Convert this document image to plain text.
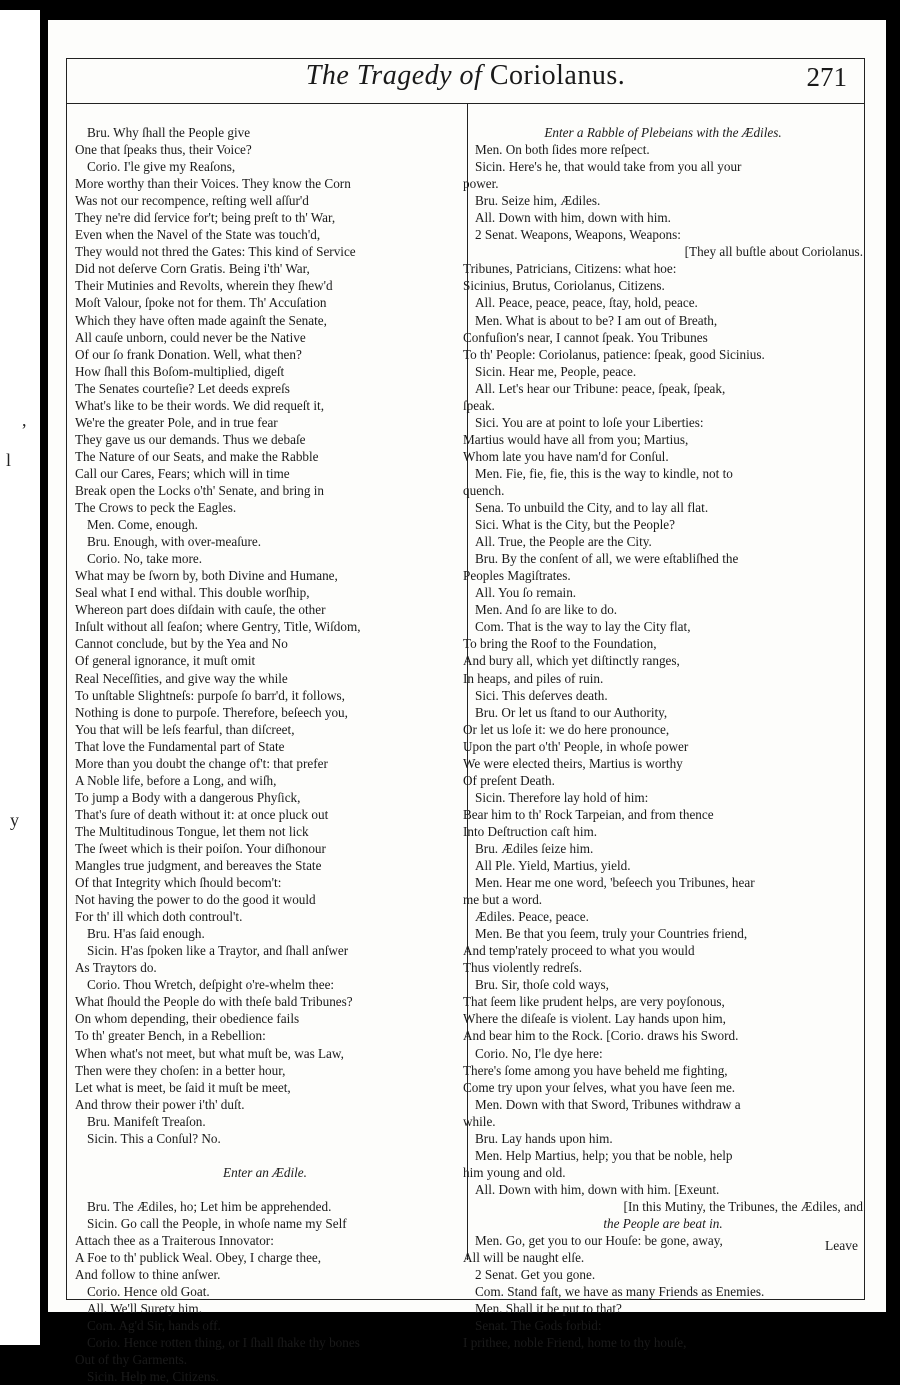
l
,
y
The Tragedy of Coriolanus.	271
Bru. Why ſhall the People give
One that ſpeaks thus, their Voice?
Corio. I'le give my Reaſons,
More worthy than their Voices. They know the Corn
Was not our recompence, reſting well aſſur'd
They ne're did ſervice for't; being preſt to th' War,
Even when the Navel of the State was touch'd,
They would not thred the Gates: This kind of Service
Did not deſerve Corn Gratis. Being i'th' War,
Their Mutinies and Revolts, wherein they ſhew'd
Moſt Valour, ſpoke not for them. Th' Accuſation
Which they have often made againſt the Senate,
All cauſe unborn, could never be the Native
Of our ſo frank Donation. Well, what then?
How ſhall this Boſom-multiplied, digeſt
The Senates courteſie? Let deeds expreſs
What's like to be their words. We did requeſt it,
We're the greater Pole, and in true fear
They gave us our demands. Thus we debaſe
The Nature of our Seats, and make the Rabble
Call our Cares, Fears; which will in time
Break open the Locks o'th' Senate, and bring in
The Crows to peck the Eagles.
Men. Come, enough.
Bru. Enough, with over-meaſure.
Corio. No, take more.
What may be ſworn by, both Divine and Humane,
Seal what I end withal. This double worſhip,
Whereon part does diſdain with cauſe, the other
Inſult without all ſeaſon; where Gentry, Title, Wiſdom,
Cannot conclude, but by the Yea and No
Of general ignorance, it muſt omit
Real Neceſſities, and give way the while
To unſtable Slightneſs: purpoſe ſo barr'd, it follows,
Nothing is done to purpoſe. Therefore, beſeech you,
You that will be leſs fearful, than diſcreet,
That love the Fundamental part of State
More than you doubt the change of't: that prefer
A Noble life, before a Long, and wiſh,
To jump a Body with a dangerous Phyſick,
That's ſure of death without it: at once pluck out
The Multitudinous Tongue, let them not lick
The ſweet which is their poiſon. Your diſhonour
Mangles true judgment, and bereaves the State
Of that Integrity which ſhould becom't:
Not having the power to do the good it would
For th' ill which doth controul't.
Bru. H'as ſaid enough.
Sicin. H'as ſpoken like a Traytor, and ſhall anſwer
As Traytors do.
Corio. Thou Wretch, deſpight o're-whelm thee:
What ſhould the People do with theſe bald Tribunes?
On whom depending, their obedience fails
To th' greater Bench, in a Rebellion:
When what's not meet, but what muſt be, was Law,
Then were they choſen: in a better hour,
Let what is meet, be ſaid it muſt be meet,
And throw their power i'th' duſt.
Bru. Manifeſt Treaſon.
Sicin. This a Conſul? No.
Enter an Ædile.
Bru. The Ædiles, ho; Let him be apprehended.
Sicin. Go call the People, in whoſe name my Self
Attach thee as a Traiterous Innovator:
A Foe to th' publick Weal. Obey, I charge thee,
And follow to thine anſwer.
Corio. Hence old Goat.
All. We'll Surety him.
Com. Ag'd Sir, hands off.
Corio. Hence rotten thing, or I ſhall ſhake thy bones
Out of thy Garments.
Sicin. Help me, Citizens.
Enter a Rabble of Plebeians with the Ædiles.
Men. On both ſides more reſpect.
Sicin. Here's he, that would take from you all your
power.
Bru. Seize him, Ædiles.
All. Down with him, down with him.
2 Senat. Weapons, Weapons, Weapons:
[They all buſtle about Coriolanus.
Tribunes, Patricians, Citizens: what hoe:
Sicinius, Brutus, Coriolanus, Citizens.
All. Peace, peace, peace, ſtay, hold, peace.
Men. What is about to be? I am out of Breath,
Confuſion's near, I cannot ſpeak. You Tribunes
To th' People: Coriolanus, patience: ſpeak, good Sicinius.
Sicin. Hear me, People, peace.
All. Let's hear our Tribune: peace, ſpeak, ſpeak,
ſpeak.
Sici. You are at point to loſe your Liberties:
Martius would have all from you; Martius,
Whom late you have nam'd for Conſul.
Men. Fie, fie, fie, this is the way to kindle, not to
quench.
Sena. To unbuild the City, and to lay all flat.
Sici. What is the City, but the People?
All. True, the People are the City.
Bru. By the conſent of all, we were eſtabliſhed the
Peoples Magiſtrates.
All. You ſo remain.
Men. And ſo are like to do.
Com. That is the way to lay the City flat,
To bring the Roof to the Foundation,
And bury all, which yet diſtinctly ranges,
In heaps, and piles of ruin.
Sici. This deſerves death.
Bru. Or let us ſtand to our Authority,
Or let us loſe it: we do here pronounce,
Upon the part o'th' People, in whoſe power
We were elected theirs, Martius is worthy
Of preſent Death.
Sicin. Therefore lay hold of him:
Bear him to th' Rock Tarpeian, and from thence
Into Deſtruction caſt him.
Bru. Ædiles ſeize him.
All Ple. Yield, Martius, yield.
Men. Hear me one word, 'beſeech you Tribunes, hear
me but a word.
Ædiles. Peace, peace.
Men. Be that you ſeem, truly your Countries friend,
And temp'rately proceed to what you would
Thus violently redreſs.
Bru. Sir, thoſe cold ways,
That ſeem like prudent helps, are very poyſonous,
Where the diſeaſe is violent. Lay hands upon him,
And bear him to the Rock. [Corio. draws his Sword.
Corio. No, I'le dye here:
There's ſome among you have beheld me fighting,
Come try upon your ſelves, what you have ſeen me.
Men. Down with that Sword, Tribunes withdraw a
while.
Bru. Lay hands upon him.
Men. Help Martius, help; you that be noble, help
him young and old.
All. Down with him, down with him. [Exeunt.
[In this Mutiny, the Tribunes, the Ædiles, and
the People are beat in.
Men. Go, get you to our Houſe: be gone, away,
All will be naught elſe.
2 Senat. Get you gone.
Com. Stand faſt, we have as many Friends as Enemies.
Men. Shall it be put to that?
Senat. The Gods forbid:
I prithee, noble Friend, home to thy houſe,
Leave
